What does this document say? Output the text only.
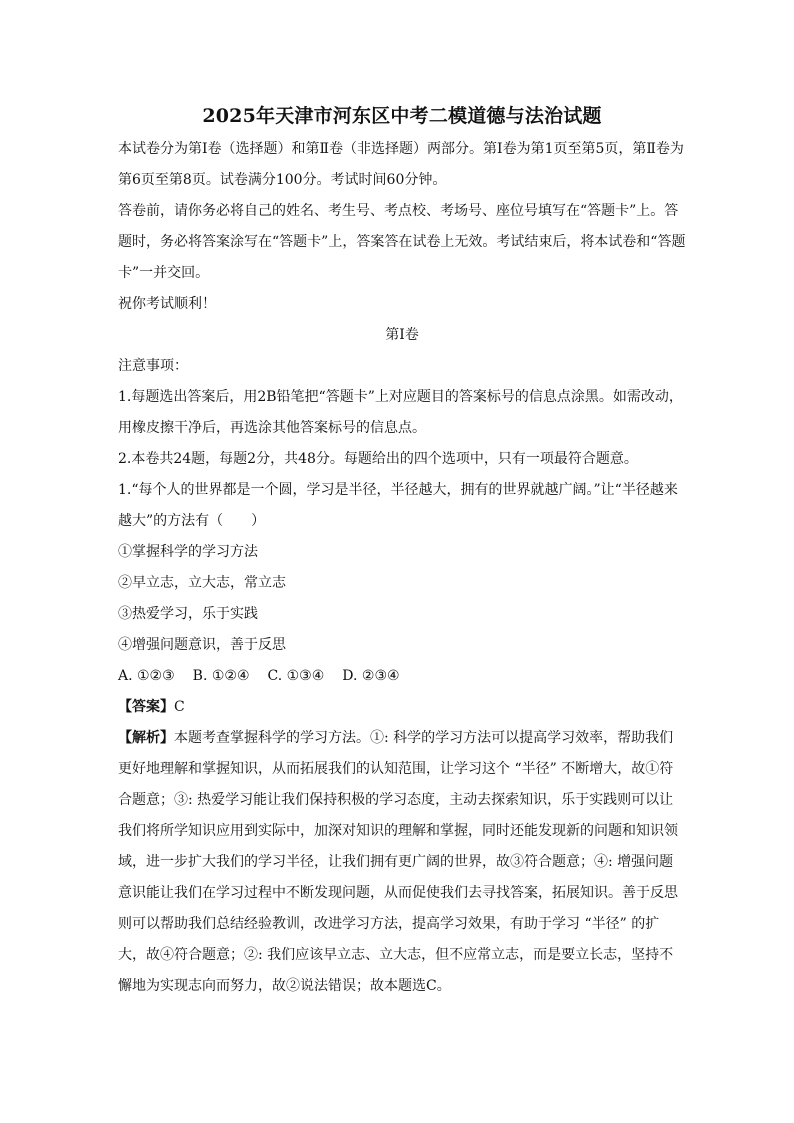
2025年天津市河东区中考二模道德与法治试题

本试卷分为第Ⅰ卷（选择题）和第Ⅱ卷（非选择题）两部分。第Ⅰ卷为第1页至第5页，第Ⅱ卷为第6页至第8页。试卷满分100分。考试时间60分钟。

答卷前，请你务必将自己的姓名、考生号、考点校、考场号、座位号填写在“答题卡”上。答题时，务必将答案涂写在“答题卡”上，答案答在试卷上无效。考试结束后，将本试卷和“答题卡”一并交回。

祝你考试顺利！

第Ⅰ卷

注意事项：

1.每题选出答案后，用2B铅笔把“答题卡”上对应题目的答案标号的信息点涂黑。如需改动，用橡皮擦干净后，再选涂其他答案标号的信息点。

2.本卷共24题，每题2分，共48分。每题给出的四个选项中，只有一项最符合题意。

1.“每个人的世界都是一个圆，学习是半径，半径越大，拥有的世界就越广阔。”让“半径越来越大”的方法有（　　）

①掌握科学的学习方法

②早立志，立大志，常立志

③热爱学习，乐于实践

④增强问题意识，善于反思

A. ①②③ B. ①②④ C. ①③④ D. ②③④

【答案】C

【解析】本题考查掌握科学的学习方法。①: 科学的学习方法可以提高学习效率，帮助我们更好地理解和掌握知识，从而拓展我们的认知范围，让学习这个 “半径” 不断增大，故①符合题意；③: 热爱学习能让我们保持积极的学习态度，主动去探索知识，乐于实践则可以让我们将所学知识应用到实际中，加深对知识的理解和掌握，同时还能发现新的问题和知识领域，进一步扩大我们的学习半径，让我们拥有更广阔的世界，故③符合题意；④: 增强问题意识能让我们在学习过程中不断发现问题，从而促使我们去寻找答案，拓展知识。善于反思则可以帮助我们总结经验教训，改进学习方法，提高学习效果，有助于学习 “半径” 的扩大，故④符合题意；②: 我们应该早立志、立大志，但不应常立志，而是要立长志，坚持不懈地为实现志向而努力，故②说法错误；故本题选C。
